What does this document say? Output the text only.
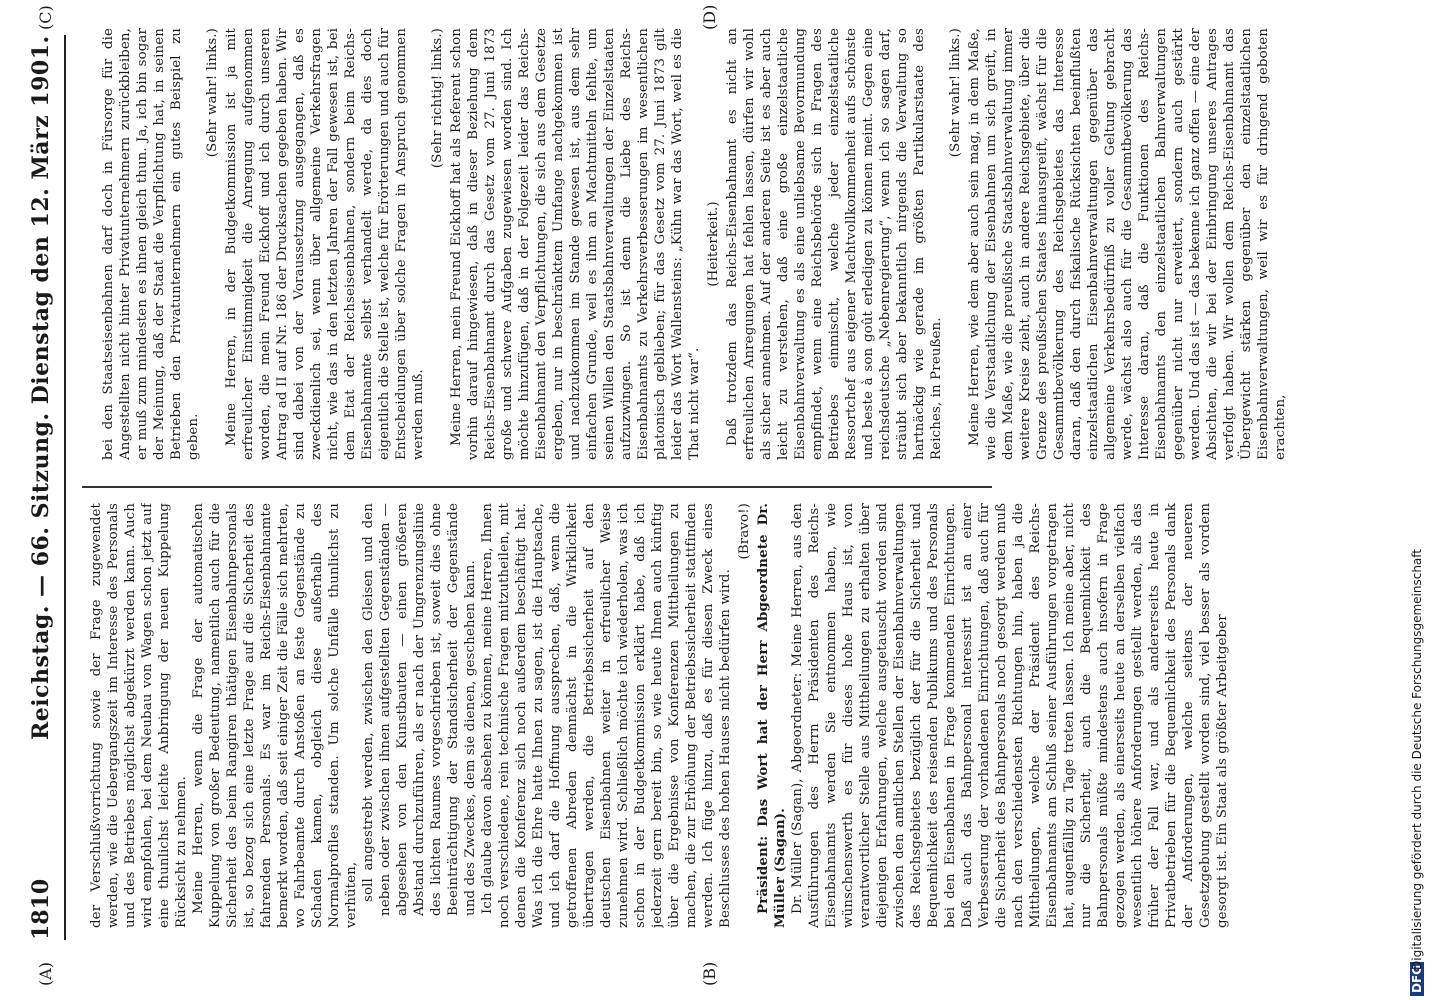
1810
Reichstag. — 66. Sitzung. Dienstag den 12. März 1901.
(A)	(B)
(C)	(D)

der Verschlußvorrichtung sowie der Frage zugewendet werden, wie die Uebergangszeit im Interesse des Personals und des Betriebes möglichst abgekürzt werden kann. Auch wird empfohlen, bei dem Neubau von Wagen schon jetzt auf eine thunlichst leichte Anbringung der neuen Kuppelung Rücksicht zu nehmen. Meine Herren, wenn die Frage der automatischen Kuppelung von großer Bedeutung, namentlich auch für die Sicherheit des beim Rangiren thätigen Eisenbahnpersonals ist, so bezog sich eine letzte Frage auf die Sicherheit des fahrenden Personals. Es war im Reichs-Eisenbahnamte bemerkt worden, daß seit einiger Zeit die Fälle sich mehrten, wo Fahrbeamte durch Anstoßen an feste Gegenstände zu Schaden kamen, obgleich diese außerhalb des Normalprofiles standen. Um solche Unfälle thunlichst zu verhüten, soll angestrebt werden, zwischen den Gleisen und den neben oder zwischen ihnen aufgestellten Gegenständen — abgesehen von den Kunstbauten — einen größeren Abstand durchzuführen, als er nach der Umgrenzungslinie des lichten Raumes vorgeschrieben ist, soweit dies ohne Beeinträchtigung der Standsicherheit der Gegenstände und des Zweckes, dem sie dienen, geschehen kann. Ich glaube davon absehen zu können, meine Herren, Ihnen noch verschiedene, rein technische Fragen mitzutheilen, mit denen die Konferenz sich noch außerdem beschäftigt hat. Was ich die Ehre hatte Ihnen zu sagen, ist die Hauptsache, und ich darf die Hoffnung aussprechen, daß, wenn die getroffenen Abreden demnächst in die Wirklichkeit übertragen werden, die Betriebssicherheit auf den deutschen Eisenbahnen weiter in erfreulicher Weise zunehmen wird. Schließlich möchte ich wiederholen, was ich schon in der Budgetkommission erklärt habe, daß ich jederzeit gern bereit bin, so wie heute Ihnen auch künftig über die Ergebnisse von Konferenzen Mittheilungen zu machen, die zur Erhöhung der Betriebssicherheit stattfinden werden. Ich füge hinzu, daß es für diesen Zweck eines Beschlusses des hohen Hauses nicht bedürfen wird.

(Bravo!) Präsident: Das Wort hat der Herr Abgeordnete Dr. Müller (Sagan). Dr. Müller (Sagan), Abgeordneter: Meine Herren, aus den Ausführungen des Herrn Präsidenten des Reichs-Eisenbahnamts werden Sie entnommen haben, wie wünschenswerth es für dieses hohe Haus ist, von verantwortlicher Stelle aus Mittheilungen zu erhalten über diejenigen Erfahrungen, welche ausgetauscht worden sind zwischen den amtlichen Stellen der Eisenbahnverwaltungen des Reichsgebietes bezüglich der für die Sicherheit und Bequemlichkeit des reisenden Publikums und des Personals bei den Eisenbahnen in Frage kommenden Einrichtungen. Daß auch das Bahnpersonal interessirt ist an einer Verbesserung der vorhandenen Einrichtungen, daß auch für die Sicherheit des Bahnpersonals noch gesorgt werden muß nach den verschiedensten Richtungen hin, haben ja die Mittheilungen, welche der Präsident des Reichs-Eisenbahnamts am Schluß seiner Ausführungen vorgetragen hat, augenfällig zu Tage treten lassen. Ich meine aber, nicht nur die Sicherheit, auch die Bequemlichkeit des Bahnpersonals müßte mindestens auch insofern in Frage gezogen werden, als einerseits heute an derselben vielfach wesentlich höhere Anforderungen gestellt werden, als das früher der Fall war, und als andererseits heute in Privatbetrieben für die Bequemlichkeit des Personals dank der Anforderungen, welche seitens der neueren Gesetzgebung gestellt worden sind, viel besser als vordem gesorgt ist. Ein Staat als größter Arbeitgeber

bei den Staatseisenbahnen darf doch in Fürsorge für die Angestellten nicht hinter Privatunternehmern zurückbleiben, er muß zum mindesten es ihnen gleich thun. Ja, ich bin sogar der Meinung, daß der Staat die Verpflichtung hat, in seinen Betrieben den Privatunternehmern ein gutes Beispiel zu geben.

(Sehr wahr! links.) Meine Herren, in der Budgetkommission ist ja mit erfreulicher Einstimmigkeit die Anregung aufgenommen worden, die mein Freund Eickhoff und ich durch unseren Antrag ad II auf Nr. 186 der Drucksachen gegeben haben. Wir sind dabei von der Voraussetzung ausgegangen, daß es zweckdienlich sei, wenn über allgemeine Verkehrsfragen nicht, wie das in den letzten Jahren der Fall gewesen ist, bei dem Etat der Reichseisenbahnen, sondern beim Reichs-Eisenbahnamte selbst verhandelt werde, da dies doch eigentlich die Stelle ist, welche für Erörterungen und auch für Entscheidungen über solche Fragen in Anspruch genommen werden muß.

(Sehr richtig! links.) Meine Herren, mein Freund Eickhoff hat als Referent schon vorhin darauf hingewiesen, daß in dieser Beziehung dem Reichs-Eisenbahnamt durch das Gesetz vom 27. Juni 1873 große und schwere Aufgaben zugewiesen worden sind. Ich möchte hinzufügen, daß in der Folgezeit leider das Reichs-Eisenbahnamt den Verpflichtungen, die sich aus dem Gesetze ergeben, nur in beschränktem Umfange nachgekommen ist und nachzukommen im Stande gewesen ist, aus dem sehr einfachen Grunde, weil es ihm an Machtmitteln fehlte, um seinen Willen den Staatsbahnverwaltungen der Einzelstaaten aufzuzwingen. So ist denn die Liebe des Reichs-Eisenbahnamts zu Verkehrsverbesserungen im wesentlichen platonisch geblieben; für das Gesetz vom 27. Juni 1873 gilt leider das Wort Wallensteins: „Kühn war das Wort, weil es die That nicht war“.

(Heiterkeit.) Daß trotzdem das Reichs-Eisenbahnamt es nicht an erfreulichen Anregungen hat fehlen lassen, dürfen wir wohl als sicher annehmen. Auf der anderen Seite ist es aber auch leicht zu verstehen, daß eine große einzelstaatliche Eisenbahnverwaltung es als eine unliebsame Bevormundung empfindet, wenn eine Reichsbehörde sich in Fragen des Betriebes einmischt, welche jeder einzelstaatliche Ressortchef aus eigener Machtvollkommenheit aufs schönste und beste à son goût erledigen zu können meint. Gegen eine reichsdeutsche „Nebenregierung“, wenn ich so sagen darf, sträubt sich aber bekanntlich nirgends die Verwaltung so hartnäckig wie gerade im größten Partikularstaate des Reiches, in Preußen.

(Sehr wahr! links.) Meine Herren, wie dem aber auch sein mag, in dem Maße, wie die Verstaatlichung der Eisenbahnen um sich greift, in dem Maße, wie die preußische Staatsbahnverwaltung immer weitere Kreise zieht, auch in andere Reichsgebiete, über die Grenze des preußischen Staates hinausgreift, wächst für die Gesammtbevölkerung des Reichsgebietes das Interesse daran, daß den durch fiskalische Rücksichten beeinflußten einzelstaatlichen Eisenbahnverwaltungen gegenüber das allgemeine Verkehrsbedürfniß zu voller Geltung gebracht werde, wächst also auch für die Gesammtbevölkerung das Interesse daran, daß die Funktionen des Reichs-Eisenbahnamts den einzelstaatlichen Bahnverwaltungen gegenüber nicht nur erweitert, sondern auch gestärkt werden. Und das ist — das bekenne ich ganz offen — eine der Absichten, die wir bei der Einbringung unseres Antrages verfolgt haben. Wir wollen dem Reichs-Eisenbahnamt das Übergewicht stärken gegenüber den einzelstaatlichen Eisenbahnverwaltungen, weil wir es für dringend geboten erachten,

DFG
Digitalisierung gefördert durch die Deutsche Forschungsgemeinschaft
